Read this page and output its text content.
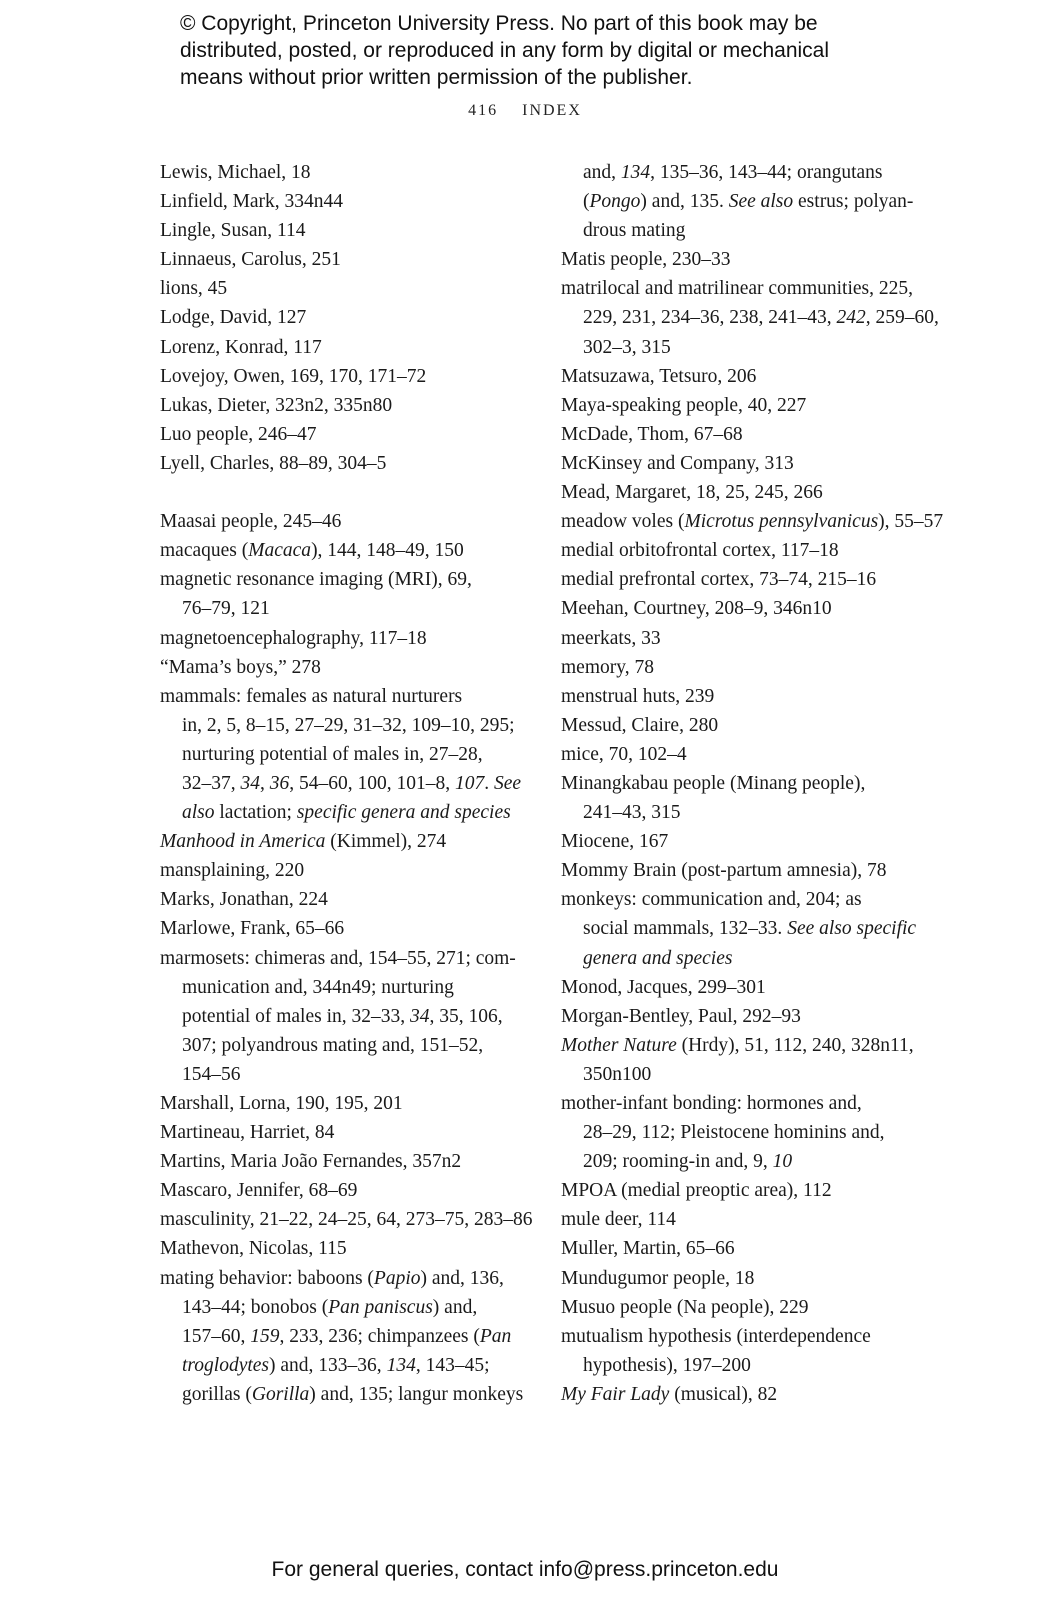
© Copyright, Princeton University Press. No part of this book may be
distributed, posted, or reproduced in any form by digital or mechanical
means without prior written permission of the publisher.
416 INDEX
Lewis, Michael, 18
Linfield, Mark, 334n44
Lingle, Susan, 114
Linnaeus, Carolus, 251
lions, 45
Lodge, David, 127
Lorenz, Konrad, 117
Lovejoy, Owen, 169, 170, 171–72
Lukas, Dieter, 323n2, 335n80
Luo people, 246–47
Lyell, Charles, 88–89, 304–5
Maasai people, 245–46
macaques (Macaca), 144, 148–49, 150
magnetic resonance imaging (MRI), 69,
76–79, 121
magnetoencephalography, 117–18
“Mama’s boys,” 278
mammals: females as natural nurturers
in, 2, 5, 8–15, 27–29, 31–32, 109–10, 295;
nurturing potential of males in, 27–28,
32–37, 34, 36, 54–60, 100, 101–8, 107. See
also lactation; specific genera and species
Manhood in America (Kimmel), 274
mansplaining, 220
Marks, Jonathan, 224
Marlowe, Frank, 65–66
marmosets: chimeras and, 154–55, 271; com-
munication and, 344n49; nurturing
potential of males in, 32–33, 34, 35, 106,
307; polyandrous mating and, 151–52,
154–56
Marshall, Lorna, 190, 195, 201
Martineau, Harriet, 84
Martins, Maria João Fernandes, 357n2
Mascaro, Jennifer, 68–69
masculinity, 21–22, 24–25, 64, 273–75, 283–86
Mathevon, Nicolas, 115
mating behavior: baboons (Papio) and, 136,
143–44; bonobos (Pan paniscus) and,
157–60, 159, 233, 236; chimpanzees (Pan
troglodytes) and, 133–36, 134, 143–45;
gorillas (Gorilla) and, 135; langur monkeys
and, 134, 135–36, 143–44; orangutans
(Pongo) and, 135. See also estrus; polyan-
drous mating
Matis people, 230–33
matrilocal and matrilinear communities, 225,
229, 231, 234–36, 238, 241–43, 242, 259–60,
302–3, 315
Matsuzawa, Tetsuro, 206
Maya-speaking people, 40, 227
McDade, Thom, 67–68
McKinsey and Company, 313
Mead, Margaret, 18, 25, 245, 266
meadow voles (Microtus pennsylvanicus), 55–57
medial orbitofrontal cortex, 117–18
medial prefrontal cortex, 73–74, 215–16
Meehan, Courtney, 208–9, 346n10
meerkats, 33
memory, 78
menstrual huts, 239
Messud, Claire, 280
mice, 70, 102–4
Minangkabau people (Minang people),
241–43, 315
Miocene, 167
Mommy Brain (post-partum amnesia), 78
monkeys: communication and, 204; as
social mammals, 132–33. See also specific
genera and species
Monod, Jacques, 299–301
Morgan-Bentley, Paul, 292–93
Mother Nature (Hrdy), 51, 112, 240, 328n11,
350n100
mother-infant bonding: hormones and,
28–29, 112; Pleistocene hominins and,
209; rooming-in and, 9, 10
MPOA (medial preoptic area), 112
mule deer, 114
Muller, Martin, 65–66
Mundugumor people, 18
Musuo people (Na people), 229
mutualism hypothesis (interdependence
hypothesis), 197–200
My Fair Lady (musical), 82
For general queries, contact info@press.princeton.edu
